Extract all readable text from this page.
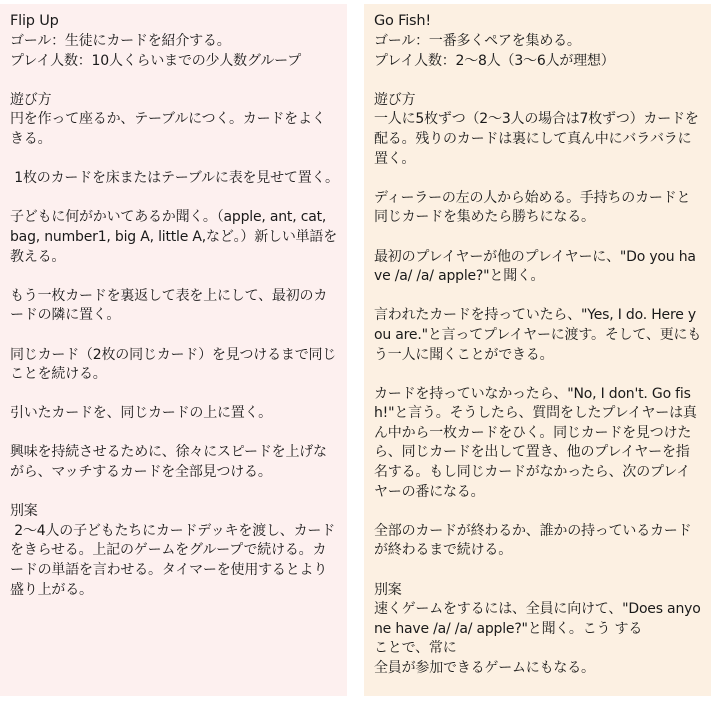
Flip Up

ゴール：生徒にカードを紹介する。

プレイ人数：10人くらいまでの少人数グループ

遊び方

円を作って座るか、テーブルにつく。カードをよくきる。

1枚のカードを床またはテーブルに表を見せて置く。

子どもに何がかいてあるか聞く。（apple, ant, cat, bag, number1, big A, little A,など。）新しい単語を教える。

もう一枚カードを裏返して表を上にして、最初のカードの隣に置く。

同じカード（2枚の同じカード）を見つけるまで同じことを続ける。

引いたカードを、同じカードの上に置く。

興味を持続させるために、徐々にスピードを上げながら、マッチするカードを全部見つける。

別案

2～4人の子どもたちにカードデッキを渡し、カードをきらせる。上記のゲームをグループで続ける。カードの単語を言わせる。タイマーを使用するとより盛り上がる。

Go Fish!

ゴール：一番多くペアを集める。

プレイ人数：2～8人（3～6人が理想）

遊び方

一人に5枚ずつ（2～3人の場合は7枚ずつ）カードを配る。残りのカードは裏にして真ん中にバラバラに置く。

ディーラーの左の人から始める。手持ちのカードと同じカードを集めたら勝ちになる。

最初のプレイヤーが他のプレイヤーに、"Do you have /a/ /a/ apple?"と聞く。

言われたカードを持っていたら、"Yes, I do. Here you are."と言ってプレイヤーに渡す。そして、更にもう一人に聞くことができる。

カードを持っていなかったら、"No, I don't. Go fish!"と言う。そうしたら、質問をしたプレイヤーは真ん中から一枚カードをひく。同じカードを見つけたら、同じカードを出して置き、他のプレイヤーを指名する。もし同じカードがなかったら、次のプレイヤーの番になる。

全部のカードが終わるか、誰かの持っているカードが終わるまで続ける。

別案

速くゲームをするには、全員に向けて、"Does anyone have /a/ /a/ apple?"と聞く。こう する

ことで、常に

全員が参加できるゲームにもなる。
